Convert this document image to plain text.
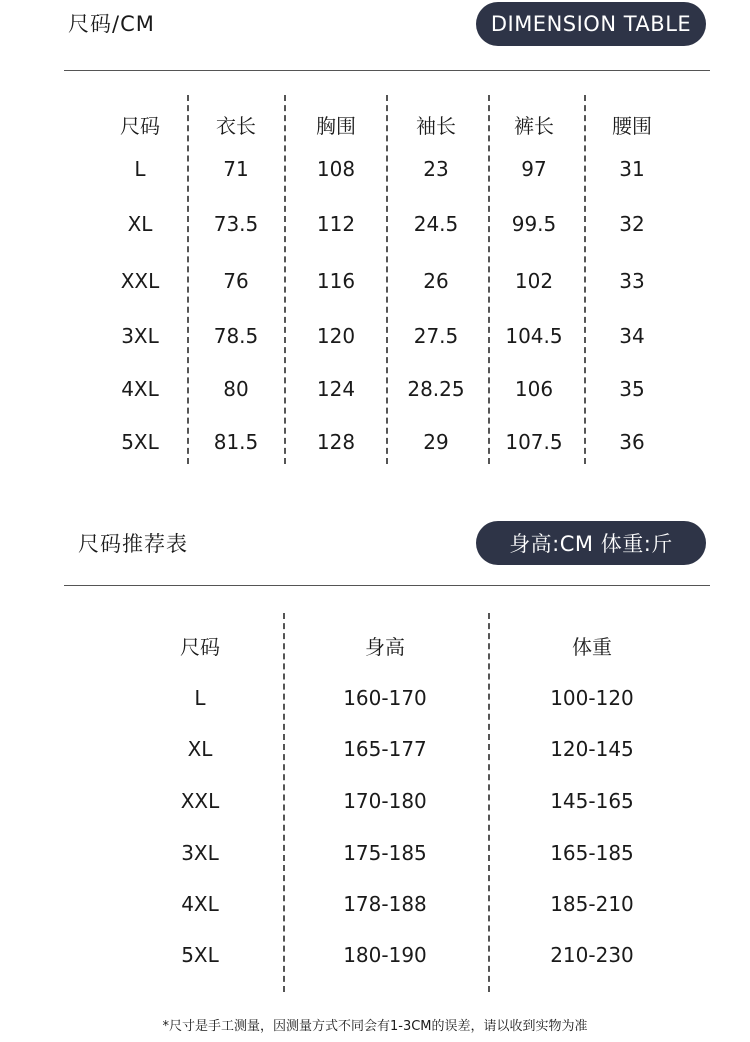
尺码/CM	DIMENSION TABLE
尺码	衣长	胸围	袖长	裤长	腰围
L	71	108	23	97	31
XL	73.5	112	24.5	99.5	32
XXL	76	116	26	102	33
3XL	78.5	120	27.5	104.5	34
4XL	80	124	28.25	106	35
5XL	81.5	128	29	107.5	36
尺码推荐表	身高:CM 体重:斤
尺码	身高	体重
L	160-170	100-120
XL	165-177	120-145
XXL	170-180	145-165
3XL	175-185	165-185
4XL	178-188	185-210
5XL	180-190	210-230
*尺寸是手工测量，因测量方式不同会有1-3CM的误差，请以收到实物为准
